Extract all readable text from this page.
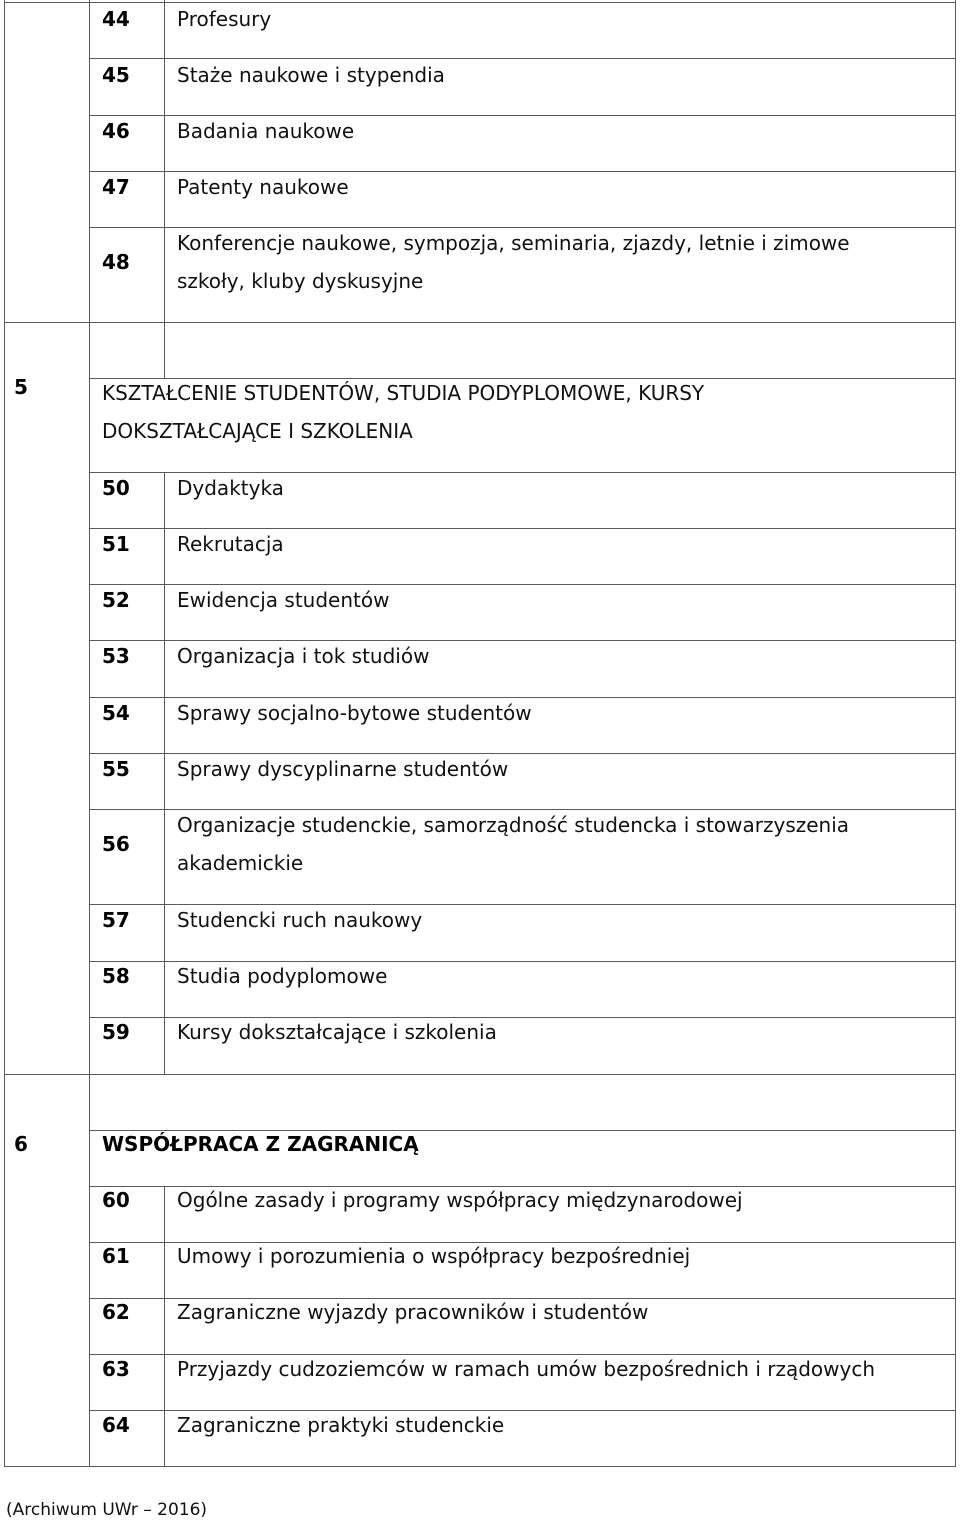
44 Profesury
45 Staże naukowe i stypendia
46 Badania naukowe
47 Patenty naukowe
48
Konferencje naukowe, sympozja, seminaria, zjazdy, letnie i zimowe szkoły, kluby dyskusyjne
5	KSZTAŁCENIE STUDENTÓW, STUDIA PODYPLOMOWE, KURSY DOKSZTAŁCAJĄCE I SZKOLENIA
50 Dydaktyka
51 Rekrutacja
52 Ewidencja studentów
53 Organizacja i tok studiów
54 Sprawy socjalno-bytowe studentów
55 Sprawy dyscyplinarne studentów
56
Organizacje studenckie, samorządność studencka i stowarzyszenia akademickie
57 Studencki ruch naukowy
58 Studia podyplomowe
59 Kursy dokształcające i szkolenia
6	WSPÓŁPRACA Z ZAGRANICĄ
60 Ogólne zasady i programy współpracy międzynarodowej
61 Umowy i porozumienia o współpracy bezpośredniej
62 Zagraniczne wyjazdy pracowników i studentów
63 Przyjazdy cudzoziemców w ramach umów bezpośrednich i rządowych
64 Zagraniczne praktyki studenckie
(Archiwum UWr – 2016)
